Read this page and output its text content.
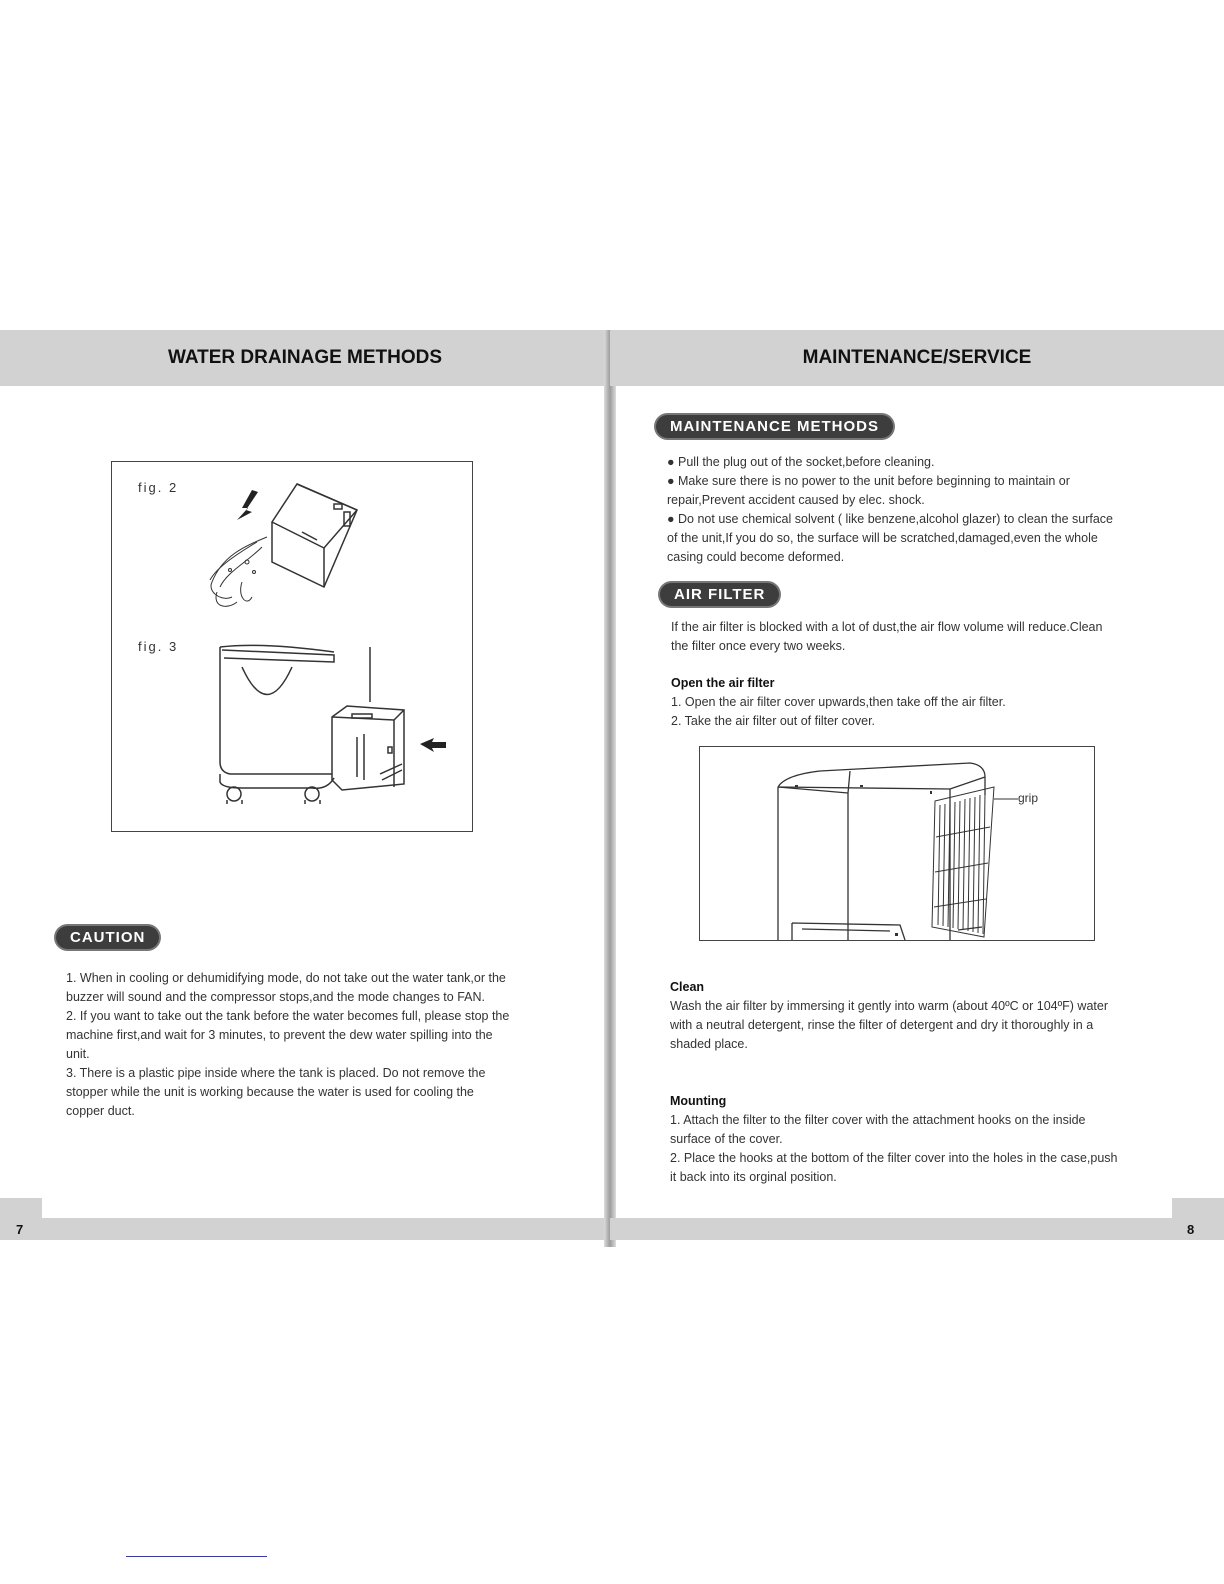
WATER DRAINAGE METHODS
fig. 2
fig. 3
CAUTION

1. When in cooling or dehumidifying mode, do not take out the water tank,or the buzzer will sound and the compressor stops,and the mode changes to FAN.

2. If you want to take out the tank before the water becomes full, please stop the machine first,and wait for 3 minutes, to prevent the dew water spilling into the unit.

3. There is a plastic pipe inside where the tank is placed. Do not remove the stopper while the unit is working because the water is used for cooling the copper duct.

7
MAINTENANCE/SERVICE
MAINTENANCE METHODS

● Pull the plug out of the socket,before cleaning.

● Make sure there is no power to the unit before beginning to maintain or repair,Prevent accident caused by elec. shock.

● Do not use chemical solvent ( like benzene,alcohol glazer) to clean the surface of the unit,If you do so, the surface will be scratched,damaged,even the whole casing could become deformed.

AIR FILTER
If the air filter is blocked with a lot of dust,the air flow volume will reduce.Clean the filter once every two weeks.

Open the air filter

1. Open the air filter cover upwards,then take off the air filter.

2. Take the air filter out of filter cover.

grip

Clean

Wash the air filter by immersing it gently into warm (about 40ºC or 104ºF) water with a neutral detergent, rinse the filter of detergent and dry it thoroughly in a shaded place.

Mounting

1. Attach the filter to the filter cover with the attachment hooks on the inside surface of the cover.

2. Place the hooks at the bottom of the filter cover into the holes in the case,push it back into its orginal position.

8
